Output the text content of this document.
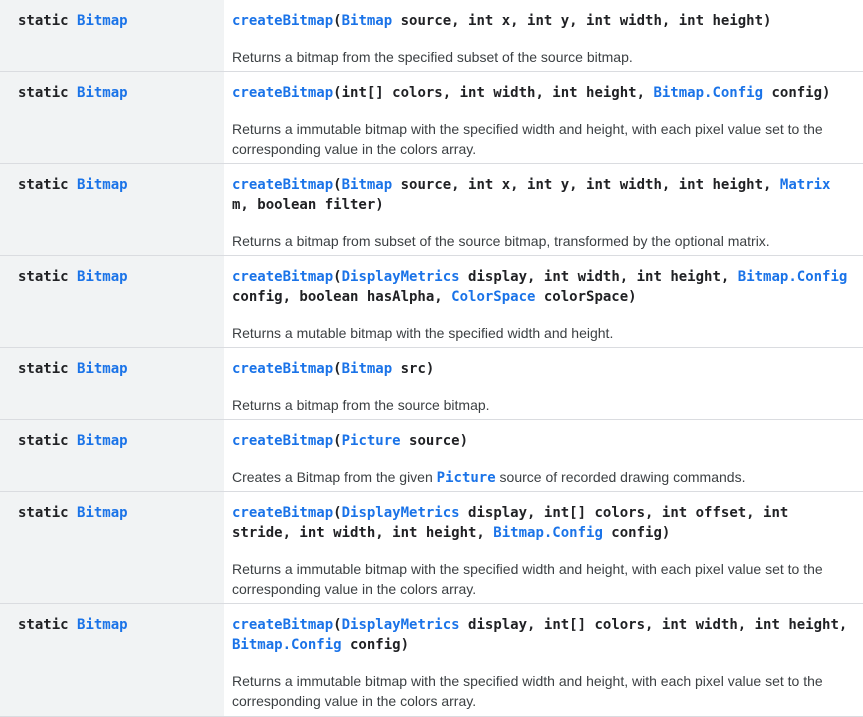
static Bitmap	createBitmap(Bitmap source, int x, int y, int width, int height)
Returns a bitmap from the specified subset of the source bitmap.
static Bitmap	createBitmap(int[] colors, int width, int height, Bitmap.Config config)
Returns a immutable bitmap with the specified width and height, with each pixel value set to the corresponding value in the colors array.
static Bitmap	createBitmap(Bitmap source, int x, int y, int width, int height, Matrix m, boolean filter)
Returns a bitmap from subset of the source bitmap, transformed by the optional matrix.
static Bitmap	createBitmap(DisplayMetrics display, int width, int height, Bitmap.Config config, boolean hasAlpha, ColorSpace colorSpace)
Returns a mutable bitmap with the specified width and height.
static Bitmap	createBitmap(Bitmap src)
Returns a bitmap from the source bitmap.
static Bitmap	createBitmap(Picture source)
Creates a Bitmap from the given Picture source of recorded drawing commands.
static Bitmap	createBitmap(DisplayMetrics display, int[] colors, int offset, int stride, int width, int height, Bitmap.Config config)
Returns a immutable bitmap with the specified width and height, with each pixel value set to the corresponding value in the colors array.
static Bitmap	createBitmap(DisplayMetrics display, int[] colors, int width, int height, Bitmap.Config config)
Returns a immutable bitmap with the specified width and height, with each pixel value set to the corresponding value in the colors array.
